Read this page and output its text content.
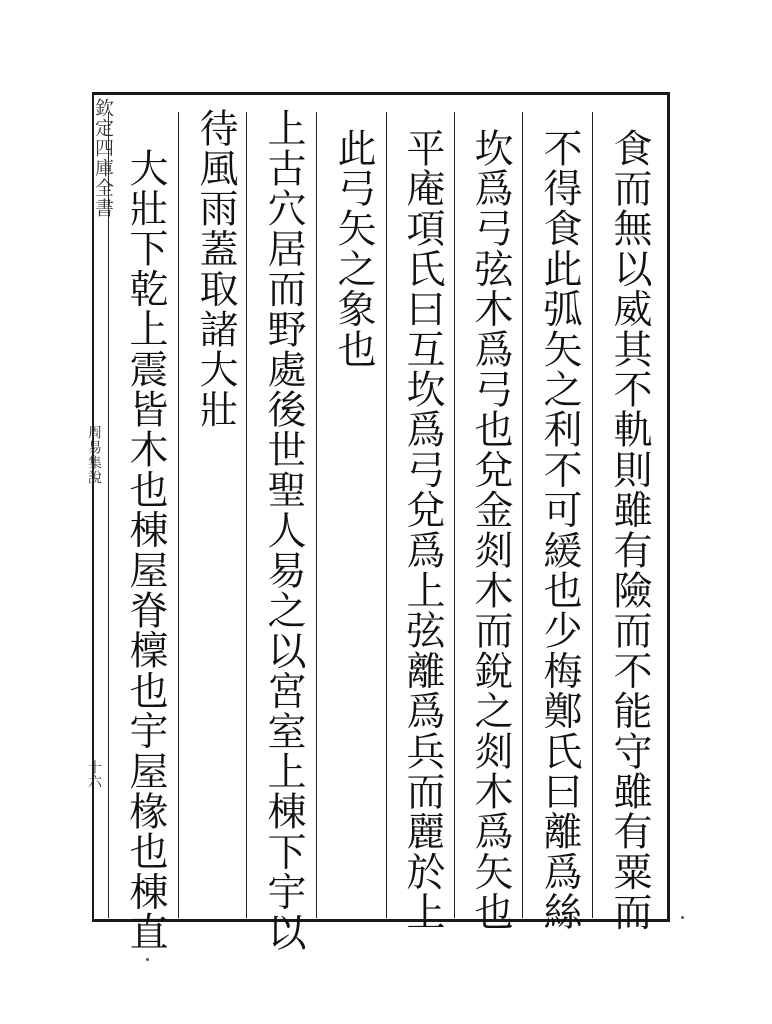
欽定四庫全書
周易集說
十六	食而無以威其不軌則雖有險而不能守雖有粟而
不得食此弧矢之利不可緩也少梅鄭氏曰離爲絲
坎爲弓弦木爲弓也兌金剡木而銳之剡木爲矢也
平庵項氏曰互坎爲弓兌爲上弦離爲兵而麗於上
此弓矢之象也
上古穴居而野處後世聖人易之以宮室上棟下宇以
待風雨蓋取諸大壯
大壯下乾上震皆木也棟屋脊檁也宇屋椽也棟直
